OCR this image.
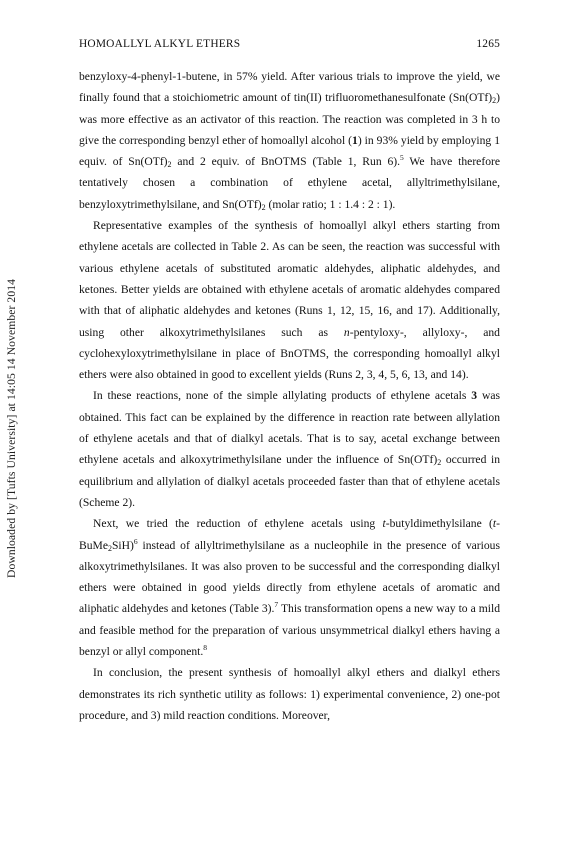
Downloaded by [Tufts University] at 14:05 14 November 2014
HOMOALLYL ALKYL ETHERS	1265

benzyloxy-4-phenyl-1-butene, in 57% yield. After various trials to improve the yield, we finally found that a stoichiometric amount of tin(II) trifluoromethanesulfonate $(Sn(OTf)_2)$ was more effective as an activator of this reaction. The reaction was completed in 3 h to give the corresponding benzyl ether of homoallyl alcohol (1) in 93% yield by employing 1 equiv. of $Sn(OTf)_2$ and 2 equiv. of BnOTMS (Table 1, Run 6).$^5$ We have therefore tentatively chosen a combination of ethylene acetal, allyltrimethylsilane, benzyloxytrimethylsilane, and $Sn(OTf)_2$ (molar ratio; 1 : 1.4 : 2 : 1).

Representative examples of the synthesis of homoallyl alkyl ethers starting from ethylene acetals are collected in Table 2. As can be seen, the reaction was successful with various ethylene acetals of substituted aromatic aldehydes, aliphatic aldehydes, and ketones. Better yields are obtained with ethylene acetals of aromatic aldehydes compared with that of aliphatic aldehydes and ketones (Runs 1, 12, 15, 16, and 17). Additionally, using other alkoxytrimethylsilanes such as n-pentyloxy-, allyloxy-, and cyclohexyloxytrimethylsilane in place of BnOTMS, the corresponding homoallyl alkyl ethers were also obtained in good to excellent yields (Runs 2, 3, 4, 5, 6, 13, and 14).

In these reactions, none of the simple allylating products of ethylene acetals 3 was obtained. This fact can be explained by the difference in reaction rate between allylation of ethylene acetals and that of dialkyl acetals. That is to say, acetal exchange between ethylene acetals and alkoxytrimethylsilane under the influence of $Sn(OTf)_2$ occurred in equilibrium and allylation of dialkyl acetals proceeded faster than that of ethylene acetals (Scheme 2).

Next, we tried the reduction of ethylene acetals using t-butyldimethylsilane (t-BuMe$_2$SiH)$^6$ instead of allyltrimethylsilane as a nucleophile in the presence of various alkoxytrimethylsilanes. It was also proven to be successful and the corresponding dialkyl ethers were obtained in good yields directly from ethylene acetals of aromatic and aliphatic aldehydes and ketones (Table 3).$^7$ This transformation opens a new way to a mild and feasible method for the preparation of various unsymmetrical dialkyl ethers having a benzyl or allyl component.$^8$

In conclusion, the present synthesis of homoallyl alkyl ethers and dialkyl ethers demonstrates its rich synthetic utility as follows: 1) experimental convenience, 2) one-pot procedure, and 3) mild reaction conditions. Moreover,
